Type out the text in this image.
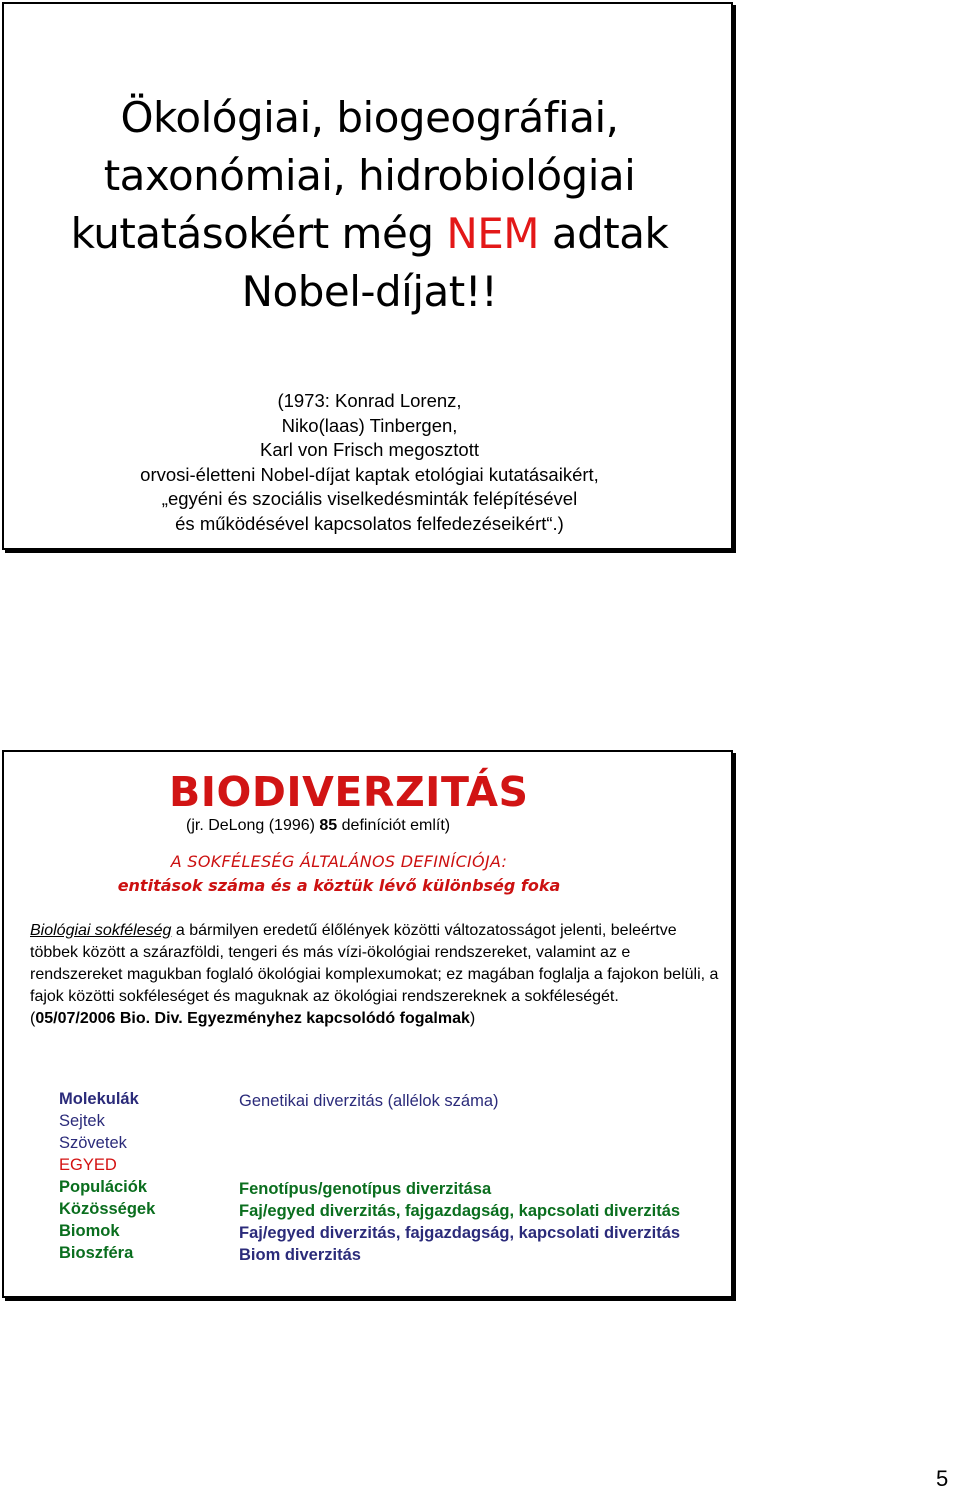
Ökológiai, biogeográfiai,
taxonómiai, hidrobiológiai
kutatásokért még NEM adtak
Nobel-díjat!!
(1973: Konrad Lorenz,
Niko(laas) Tinbergen,
Karl von Frisch megosztott
orvosi-életteni Nobel-díjat kaptak etológiai kutatásaikért,
„egyéni és szociális viselkedésminták felépítésével
és működésével kapcsolatos felfedezéseikért“.)
BIODIVERZITÁS
(jr. DeLong (1996) 85 definíciót említ)
A SOKFÉLESÉG ÁLTALÁNOS DEFINÍCIÓJA:
entitások száma és a köztük lévő különbség foka
Biológiai sokféleség a bármilyen eredetű élőlények közötti változatosságot jelenti, beleértve többek között a szárazföldi, tengeri és más vízi-ökológiai rendszereket, valamint az e rendszereket magukban foglaló ökológiai komplexumokat; ez magában foglalja a fajokon belüli, a fajok közötti sokféleséget és maguknak az ökológiai rendszereknek a sokféleségét.
(05/07/2006 Bio. Div. Egyezményhez kapcsolódó fogalmak)
Molekulák
Sejtek
Szövetek
EGYED
Populációk
Közösségek
Biomok
Bioszféra
Genetikai diverzitás (allélok száma)
Fenotípus/genotípus diverzitása
Faj/egyed diverzitás, fajgazdagság, kapcsolati diverzitás
Faj/egyed diverzitás, fajgazdagság, kapcsolati diverzitás
Biom diverzitás
5
